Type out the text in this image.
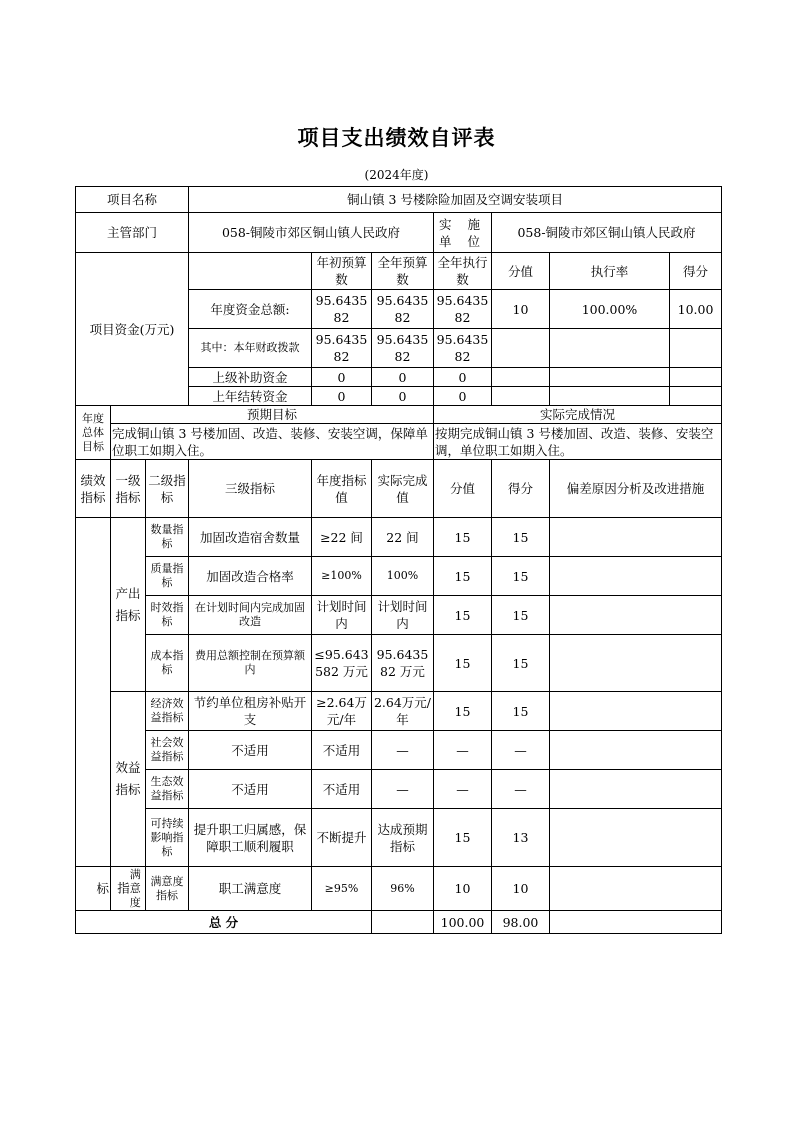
项目支出绩效自评表
(2024年度)
项目名称			铜山镇 3 号楼除险加固及空调安装项目						
主管部门			058-铜陵市郊区铜山镇人民政府			实 施 单 位	058-铜陵市郊区铜山镇人民政府		
项目资金(万元)				年初预算数	全年预算数	全年执行数	分值	执行率	得分
			年度资金总额:	95.643582	95.643582	95.643582	10	100.00%	10.00
			其中：本年财政拨款	95.643582	95.643582	95.643582			
			上级补助资金	0	0	0			
			上年结转资金	0	0	0			
年度总体目标	预期目标					实际完成情况			
	完成铜山镇 3 号楼加固、改造、装修、安装空调，保障单位职工如期入住。					按期完成铜山镇 3 号楼加固、改造、装修、安装空调，单位职工如期入住。			
绩效指标	一级指标	二级指标	三级指标	年度指标值	实际完成值	分值	得分	偏差原因分析及改进措施	
	产出指标	数量指标	加固改造宿舍数量	≥22 间	22 间	15	15		
		质量指标	加固改造合格率	≥100%	100%	15	15		
		时效指标	在计划时间内完成加固改造	计划时间内	计划时间内	15	15		
		成本指标	费用总额控制在预算额内	≤95.643582 万元	95.643582 万元	15	15		
	效益指标	经济效益指标	节约单位租房补贴开支	≥2.64万元/年	2.64万元/年	15	15		
		社会效益指标	不适用	不适用	—	—	—		
		生态效益指标	不适用	不适用	—	—	—		
		可持续影响指标	提升职工归属感，保障职工顺利履职	不断提升	达成预期指标	15	13		
标	指满意度	满意度指标	职工满意度	≥95%	96%	10	10		
总 分						100.00	98.00		
